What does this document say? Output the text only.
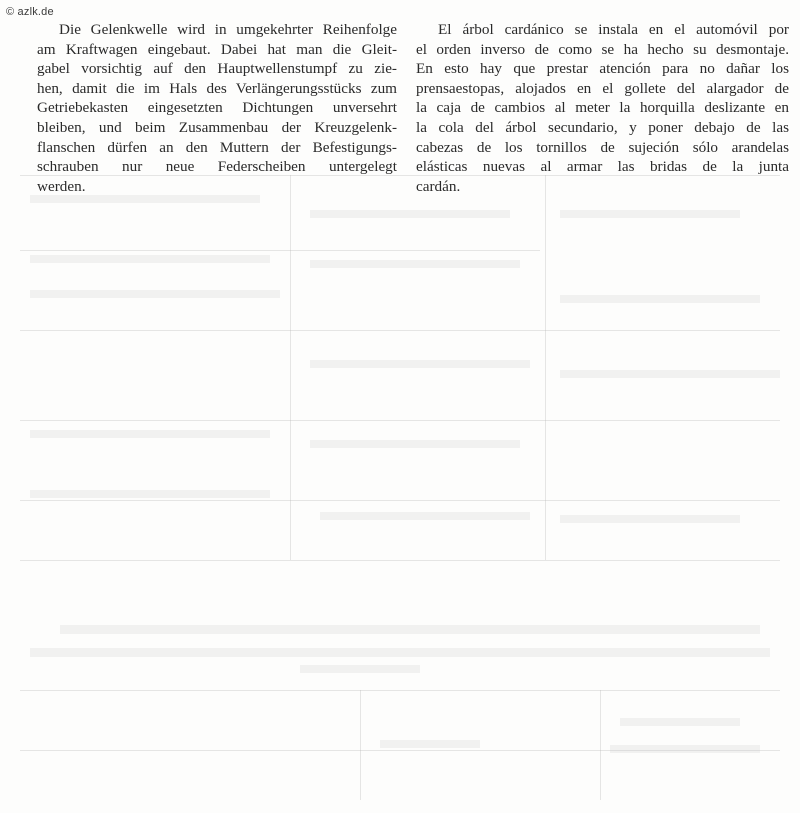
© azlk.de
Die Gelenkwelle wird in umgekehrter Reihenfolge
am Kraftwagen eingebaut. Dabei hat man die Gleit-
gabel vorsichtig auf den Hauptwellenstumpf zu zie-
hen, damit die im Hals des Verlängerungsstücks zum
Getriebekasten eingesetzten Dichtungen unversehrt
bleiben, und beim Zusammenbau der Kreuzgelenk-
flanschen dürfen an den Muttern der Befestigungs-
schrauben nur neue Federscheiben untergelegt
werden.
El árbol cardánico se instala en el automóvil por
el orden inverso de como se ha hecho su desmontaje.
En esto hay que prestar atención para no dañar los
prensaestopas, alojados en el gollete del alargador de
la caja de cambios al meter la horquilla deslizante en
la cola del árbol secundario, y poner debajo de las
cabezas de los tornillos de sujeción sólo arandelas
elásticas nuevas al armar las bridas de la junta
cardán.
